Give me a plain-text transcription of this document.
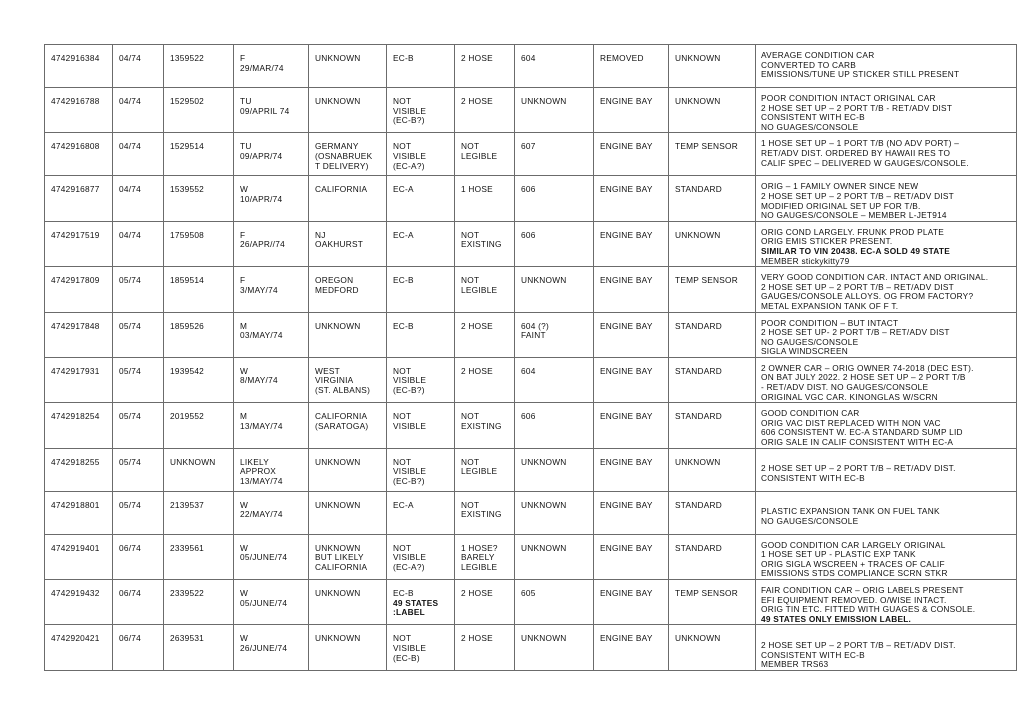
4742916384	04/74	1359522	F
29/MAR/74	UNKNOWN	EC-B	2 HOSE	604	REMOVED	UNKNOWN	AVERAGE CONDITION CAR
CONVERTED TO CARB
EMISSIONS/TUNE UP STICKER STILL PRESENT

4742916788	04/74	1529502	TU
09/APRIL 74	UNKNOWN	NOT
VISIBLE
(EC-B?)	2 HOSE	UNKNOWN	ENGINE BAY	UNKNOWN	POOR CONDITION INTACT ORIGINAL CAR
2 HOSE SET UP – 2 PORT T/B - RET/ADV DIST
CONSISTENT WITH EC-B
NO GUAGES/CONSOLE

4742916808	04/74	1529514	TU
09/APR/74	GERMANY
(OSNABRUEK
T DELIVERY)	NOT
VISIBLE
(EC-A?)	NOT
LEGIBLE	607	ENGINE BAY	TEMP SENSOR	1 HOSE SET UP – 1 PORT T/B (NO ADV PORT) –
RET/ADV DIST. ORDERED BY HAWAII RES TO
CALIF SPEC – DELIVERED W GAUGES/CONSOLE.

4742916877	04/74	1539552	W
10/APR/74	CALIFORNIA	EC-A	1 HOSE	606	ENGINE BAY	STANDARD	ORIG – 1 FAMILY OWNER SINCE NEW
2 HOSE SET UP – 2 PORT T/B – RET/ADV DIST
MODIFIED ORIGINAL SET UP FOR T/B.
NO GAUGES/CONSOLE – MEMBER L-JET914

4742917519	04/74	1759508	F
26/APR//74	NJ
OAKHURST	EC-A	NOT
EXISTING	606	ENGINE BAY	UNKNOWN	ORIG COND LARGELY. FRUNK PROD PLATE
ORIG EMIS STICKER PRESENT.
SIMILAR TO VIN 20438. EC-A SOLD 49 STATE
MEMBER stickykitty79

4742917809	05/74	1859514	F
3/MAY/74	OREGON
MEDFORD	EC-B	NOT
LEGIBLE	UNKNOWN	ENGINE BAY	TEMP SENSOR	VERY GOOD CONDITION CAR. INTACT AND ORIGINAL.
2 HOSE SET UP – 2 PORT T/B – RET/ADV DIST
GAUGES/CONSOLE ALLOYS. OG FROM FACTORY?
METAL EXPANSION TANK OF F T.

4742917848	05/74	1859526	M
03/MAY/74	UNKNOWN	EC-B	2 HOSE	604 (?)
FAINT	ENGINE BAY	STANDARD	POOR CONDITION – BUT INTACT
2 HOSE SET UP- 2 PORT T/B – RET/ADV DIST
NO GAUGES/CONSOLE
SIGLA WINDSCREEN

4742917931	05/74	1939542	W
8/MAY/74	WEST
VIRGINIA
(ST. ALBANS)	NOT
VISIBLE
(EC-B?)	2 HOSE	604	ENGINE BAY	STANDARD	2 OWNER CAR – ORIG OWNER 74-2018 (DEC EST).
ON BAT JULY 2022. 2 HOSE SET UP – 2 PORT T/B
- RET/ADV DIST. NO GAUGES/CONSOLE
ORIGINAL VGC CAR. KINONGLAS W/SCRN

4742918254	05/74	2019552	M
13/MAY/74	CALIFORNIA
(SARATOGA)	NOT
VISIBLE	NOT
EXISTING	606	ENGINE BAY	STANDARD	GOOD CONDITION CAR
ORIG VAC DIST REPLACED WITH NON VAC
606 CONSISTENT W. EC-A STANDARD SUMP LID
ORIG SALE IN CALIF CONSISTENT WITH EC-A

4742918255	05/74	UNKNOWN	LIKELY
APPROX
13/MAY/74	UNKNOWN	NOT
VISIBLE
(EC-B?)	NOT
LEGIBLE	UNKNOWN	ENGINE BAY	UNKNOWN	2 HOSE SET UP – 2 PORT T/B – RET/ADV DIST.
CONSISTENT WITH EC-B

4742918801	05/74	2139537	W
22/MAY/74	UNKNOWN	EC-A	NOT
EXISTING	UNKNOWN	ENGINE BAY	STANDARD	PLASTIC EXPANSION TANK ON FUEL TANK
NO GAUGES/CONSOLE

4742919401	06/74	2339561	W
05/JUNE/74	UNKNOWN
BUT LIKELY
CALIFORNIA	NOT
VISIBLE
(EC-A?)	1 HOSE?
BARELY
LEGIBLE	UNKNOWN	ENGINE BAY	STANDARD	GOOD CONDITION CAR LARGELY ORIGINAL
1 HOSE SET UP - PLASTIC EXP TANK
ORIG SIGLA WSCREEN + TRACES OF CALIF
EMISSIONS STDS COMPLIANCE SCRN STKR

4742919432	06/74	2339522	W
05/JUNE/74	UNKNOWN	EC-B
49 STATES
:LABEL	2 HOSE	605	ENGINE BAY	TEMP SENSOR	FAIR CONDITION CAR – ORIG LABELS PRESENT
EFI EQUIPMENT REMOVED. O/WISE INTACT.
ORIG TIN ETC. FITTED WITH GUAGES & CONSOLE.
49 STATES ONLY EMISSION LABEL.

4742920421	06/74	2639531	W
26/JUNE/74	UNKNOWN	NOT
VISIBLE
(EC-B)	2 HOSE	UNKNOWN	ENGINE BAY	UNKNOWN	2 HOSE SET UP – 2 PORT T/B – RET/ADV DIST.
CONSISTENT WITH EC-B
MEMBER TRS63
